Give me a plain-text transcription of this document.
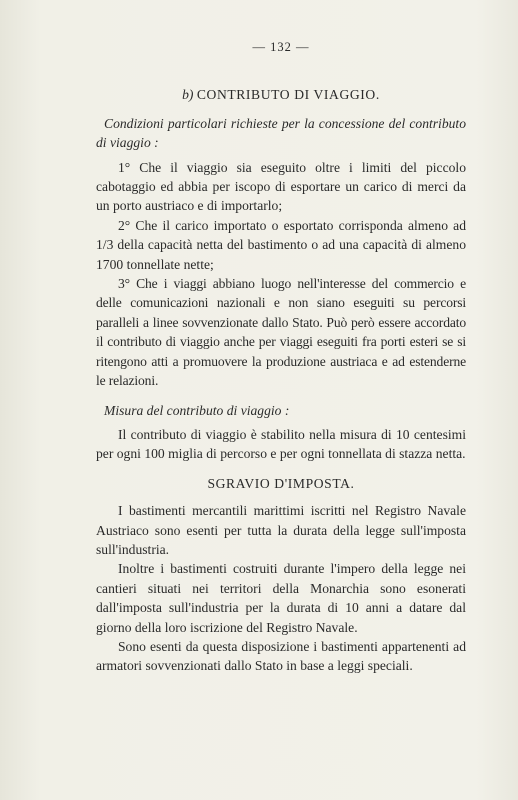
— 132 —

b) CONTRIBUTO DI VIAGGIO.

Condizioni particolari richieste per la concessione del contributo di viaggio :

1° Che il viaggio sia eseguito oltre i limiti del piccolo cabotaggio ed abbia per iscopo di esportare un carico di merci da un porto austriaco e di importarlo;

2° Che il carico importato o esportato corrisponda almeno ad 1/3 della capacità netta del bastimento o ad una capacità di almeno 1700 tonnellate nette;

3° Che i viaggi abbiano luogo nell'interesse del commercio e delle comunicazioni nazionali e non siano eseguiti su percorsi paralleli a linee sovvenzionate dallo Stato. Può però essere accordato il contributo di viaggio anche per viaggi eseguiti fra porti esteri se si ritengono atti a promuovere la produzione austriaca e ad estenderne le relazioni.

Misura del contributo di viaggio :

Il contributo di viaggio è stabilito nella misura di 10 centesimi per ogni 100 miglia di percorso e per ogni tonnellata di stazza netta.

SGRAVIO D'IMPOSTA.

I bastimenti mercantili marittimi iscritti nel Registro Navale Austriaco sono esenti per tutta la durata della legge sull'imposta sull'industria.

Inoltre i bastimenti costruiti durante l'impero della legge nei cantieri situati nei territori della Monarchia sono esonerati dall'imposta sull'industria per la durata di 10 anni a datare dal giorno della loro iscrizione del Registro Navale.

Sono esenti da questa disposizione i bastimenti appartenenti ad armatori sovvenzionati dallo Stato in base a leggi speciali.
